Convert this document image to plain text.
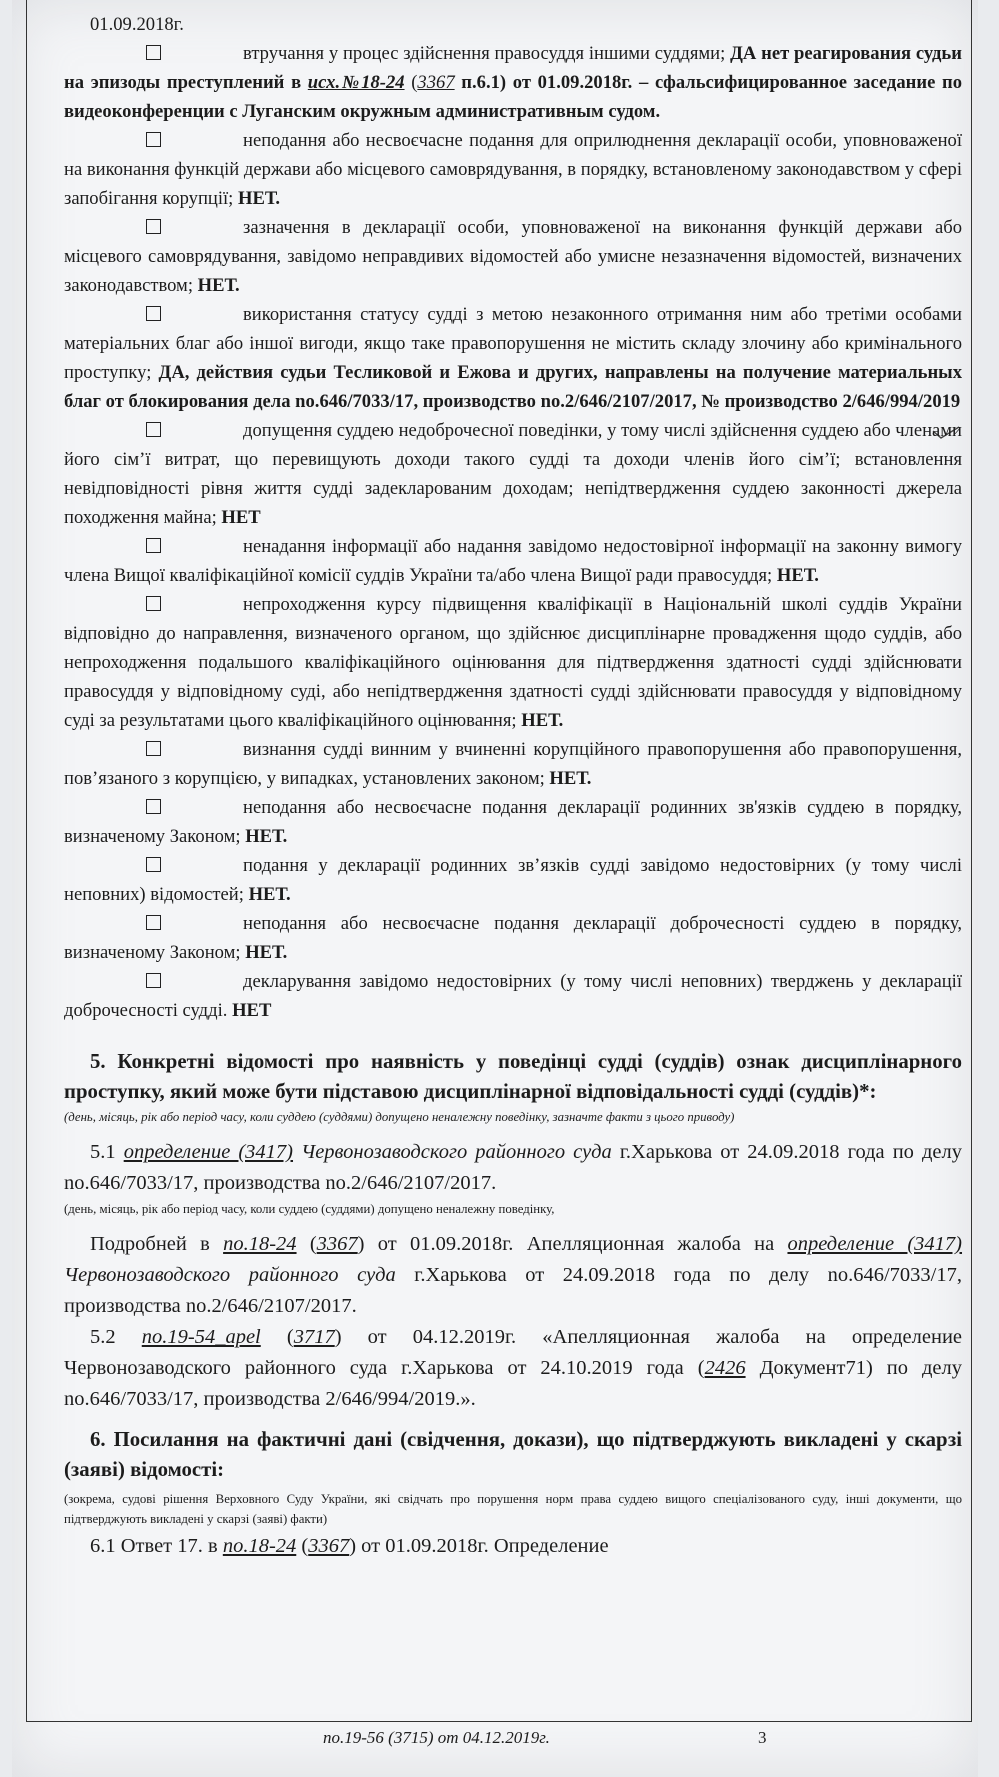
01.09.2018г.

втручання у процес здійснення правосуддя іншими суддями; ДА нет реагирования судьи на эпизоды преступлений в исх.№18-24 (3367 п.6.1) от 01.09.2018г. – сфальсифицированное заседание по видеоконференции с Луганским окружным административным судом.

неподання або несвоєчасне подання для оприлюднення декларації особи, уповноваженої на виконання функцій держави або місцевого самоврядування, в порядку, встановленому законодавством у сфері запобігання корупції; НЕТ.

зазначення в декларації особи, уповноваженої на виконання функцій держави або місцевого самоврядування, завідомо неправдивих відомостей або умисне незазначення відомостей, визначених законодавством; НЕТ.

використання статусу судді з метою незаконного отримання ним або третіми особами матеріальних благ або іншої вигоди, якщо таке правопорушення не містить складу злочину або кримінального проступку; ДА, действия судьи Тесликовой и Ежова и других, направлены на получение материальных благ от блокирования дела no.646/7033/17, производство no.2/646/2107/2017, № производство 2/646/994/2019

допущення суддею недоброчесної поведінки, у тому числі здійснення суддею або членами його сім’ї витрат, що перевищують доходи такого судді та доходи членів його сім’ї; встановлення невідповідності рівня життя судді задекларованим доходам; непідтвердження суддею законності джерела походження майна; НЕТ

ненадання інформації або надання завідомо недостовірної інформації на законну вимогу члена Вищої кваліфікаційної комісії суддів України та/або члена Вищої ради правосуддя; НЕТ.

непроходження курсу підвищення кваліфікації в Національній школі суддів України відповідно до направлення, визначеного органом, що здійснює дисциплінарне провадження щодо суддів, або непроходження подальшого кваліфікаційного оцінювання для підтвердження здатності судді здійснювати правосуддя у відповідному суді, або непідтвердження здатності судді здійснювати правосуддя у відповідному суді за результатами цього кваліфікаційного оцінювання; НЕТ.

визнання судді винним у вчиненні корупційного правопорушення або правопорушення, пов’язаного з корупцією, у випадках, установлених законом; НЕТ.

неподання або несвоєчасне подання декларації родинних зв'язків суддею в порядку, визначеному Законом; НЕТ.

подання у декларації родинних зв’язків судді завідомо недостовірних (у тому числі неповних) відомостей; НЕТ.

неподання або несвоєчасне подання декларації доброчесності суддею в порядку, визначеному Законом; НЕТ.

декларування завідомо недостовірних (у тому числі неповних) тверджень у декларації доброчесності судді. НЕТ

5. Конкретні відомості про наявність у поведінці судді (суддів) ознак дисциплінарного проступку, який може бути підставою дисциплінарної відповідальності судді (суддів)*:

(день, місяць, рік або період часу, коли суддею (суддями) допущено неналежну поведінку, зазначте факти з цього приводу)

5.1 определение (3417) Червонозаводского районного суда г.Харькова от 24.09.2018 года по делу no.646/7033/17, производства no.2/646/2107/2017.

(день, місяць, рік або період часу, коли суддею (суддями) допущено неналежну поведінку,

Подробней в no.18-24 (3367) от 01.09.2018г. Апелляционная жалоба на определение (3417) Червонозаводского районного суда г.Харькова от 24.09.2018 года по делу no.646/7033/17, производства no.2/646/2107/2017.

5.2 no.19-54_apel (3717) от 04.12.2019г. «Апелляционная жалоба на определение Червонозаводского районного суда г.Харькова от 24.10.2019 года (2426 Документ71) по делу no.646/7033/17, производства 2/646/994/2019.».

6. Посилання на фактичні дані (свідчення, докази), що підтверджують викладені у скарзі (заяві) відомості:

(зокрема, судові рішення Верховного Суду України, які свідчать про порушення норм права суддею вищого спеціалізованого суду, інші документи, що підтверджують викладені у скарзі (заяві) факти)

6.1 Ответ 17. в no.18-24 (3367) от 01.09.2018г. Определение

no.19-56 (3715) от 04.12.2019г.	3
